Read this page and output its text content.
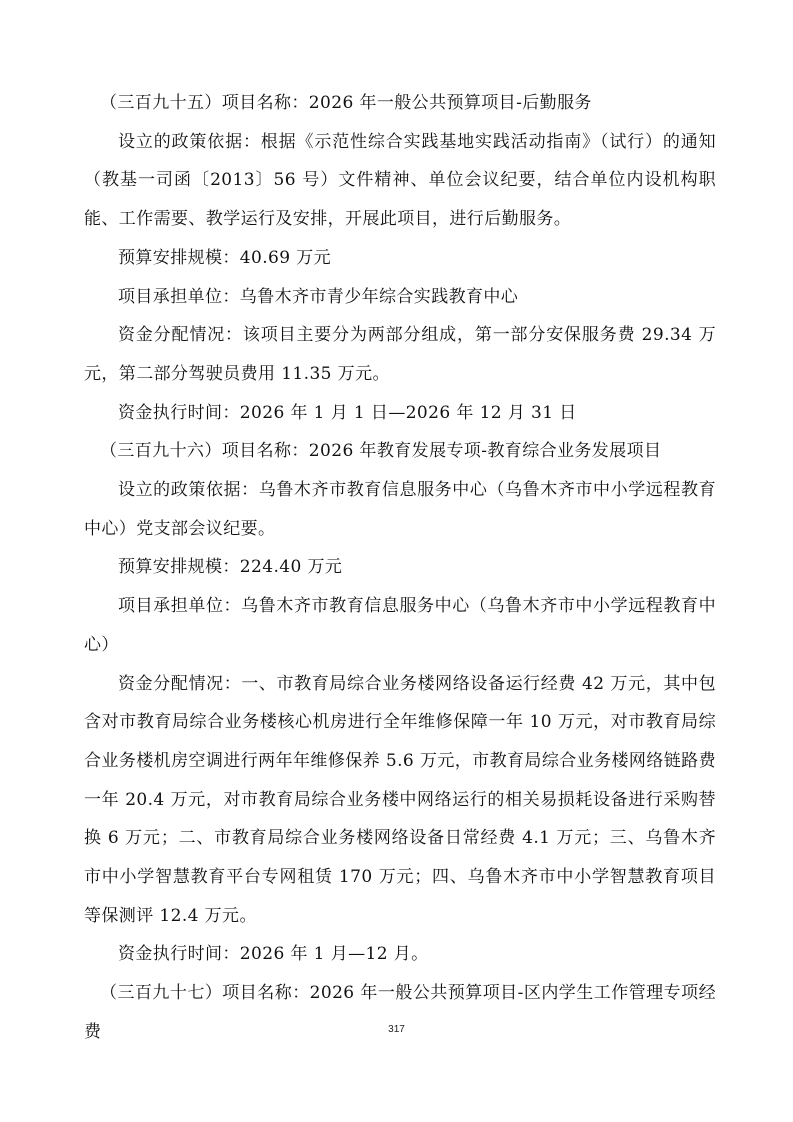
（三百九十五）项目名称：2026 年一般公共预算项目-后勤服务

设立的政策依据：根据《示范性综合实践基地实践活动指南》（试行）的通知（教基一司函〔2013〕56 号）文件精神、单位会议纪要，结合单位内设机构职能、工作需要、教学运行及安排，开展此项目，进行后勤服务。

预算安排规模：40.69 万元

项目承担单位：乌鲁木齐市青少年综合实践教育中心

资金分配情况：该项目主要分为两部分组成，第一部分安保服务费 29.34 万元，第二部分驾驶员费用 11.35 万元。

资金执行时间：2026 年 1 月 1 日—2026 年 12 月 31 日

（三百九十六）项目名称：2026 年教育发展专项-教育综合业务发展项目

设立的政策依据：乌鲁木齐市教育信息服务中心（乌鲁木齐市中小学远程教育中心）党支部会议纪要。

预算安排规模：224.40 万元

项目承担单位：乌鲁木齐市教育信息服务中心（乌鲁木齐市中小学远程教育中心）

资金分配情况：一、市教育局综合业务楼网络设备运行经费 42 万元，其中包含对市教育局综合业务楼核心机房进行全年维修保障一年 10 万元，对市教育局综合业务楼机房空调进行两年年维修保养 5.6 万元，市教育局综合业务楼网络链路费一年 20.4 万元，对市教育局综合业务楼中网络运行的相关易损耗设备进行采购替换 6 万元；二、市教育局综合业务楼网络设备日常经费 4.1 万元；三、乌鲁木齐市中小学智慧教育平台专网租赁 170 万元；四、乌鲁木齐市中小学智慧教育项目等保测评 12.4 万元。

资金执行时间：2026 年 1 月—12 月。

（三百九十七）项目名称：2026 年一般公共预算项目-区内学生工作管理专项经费	317
